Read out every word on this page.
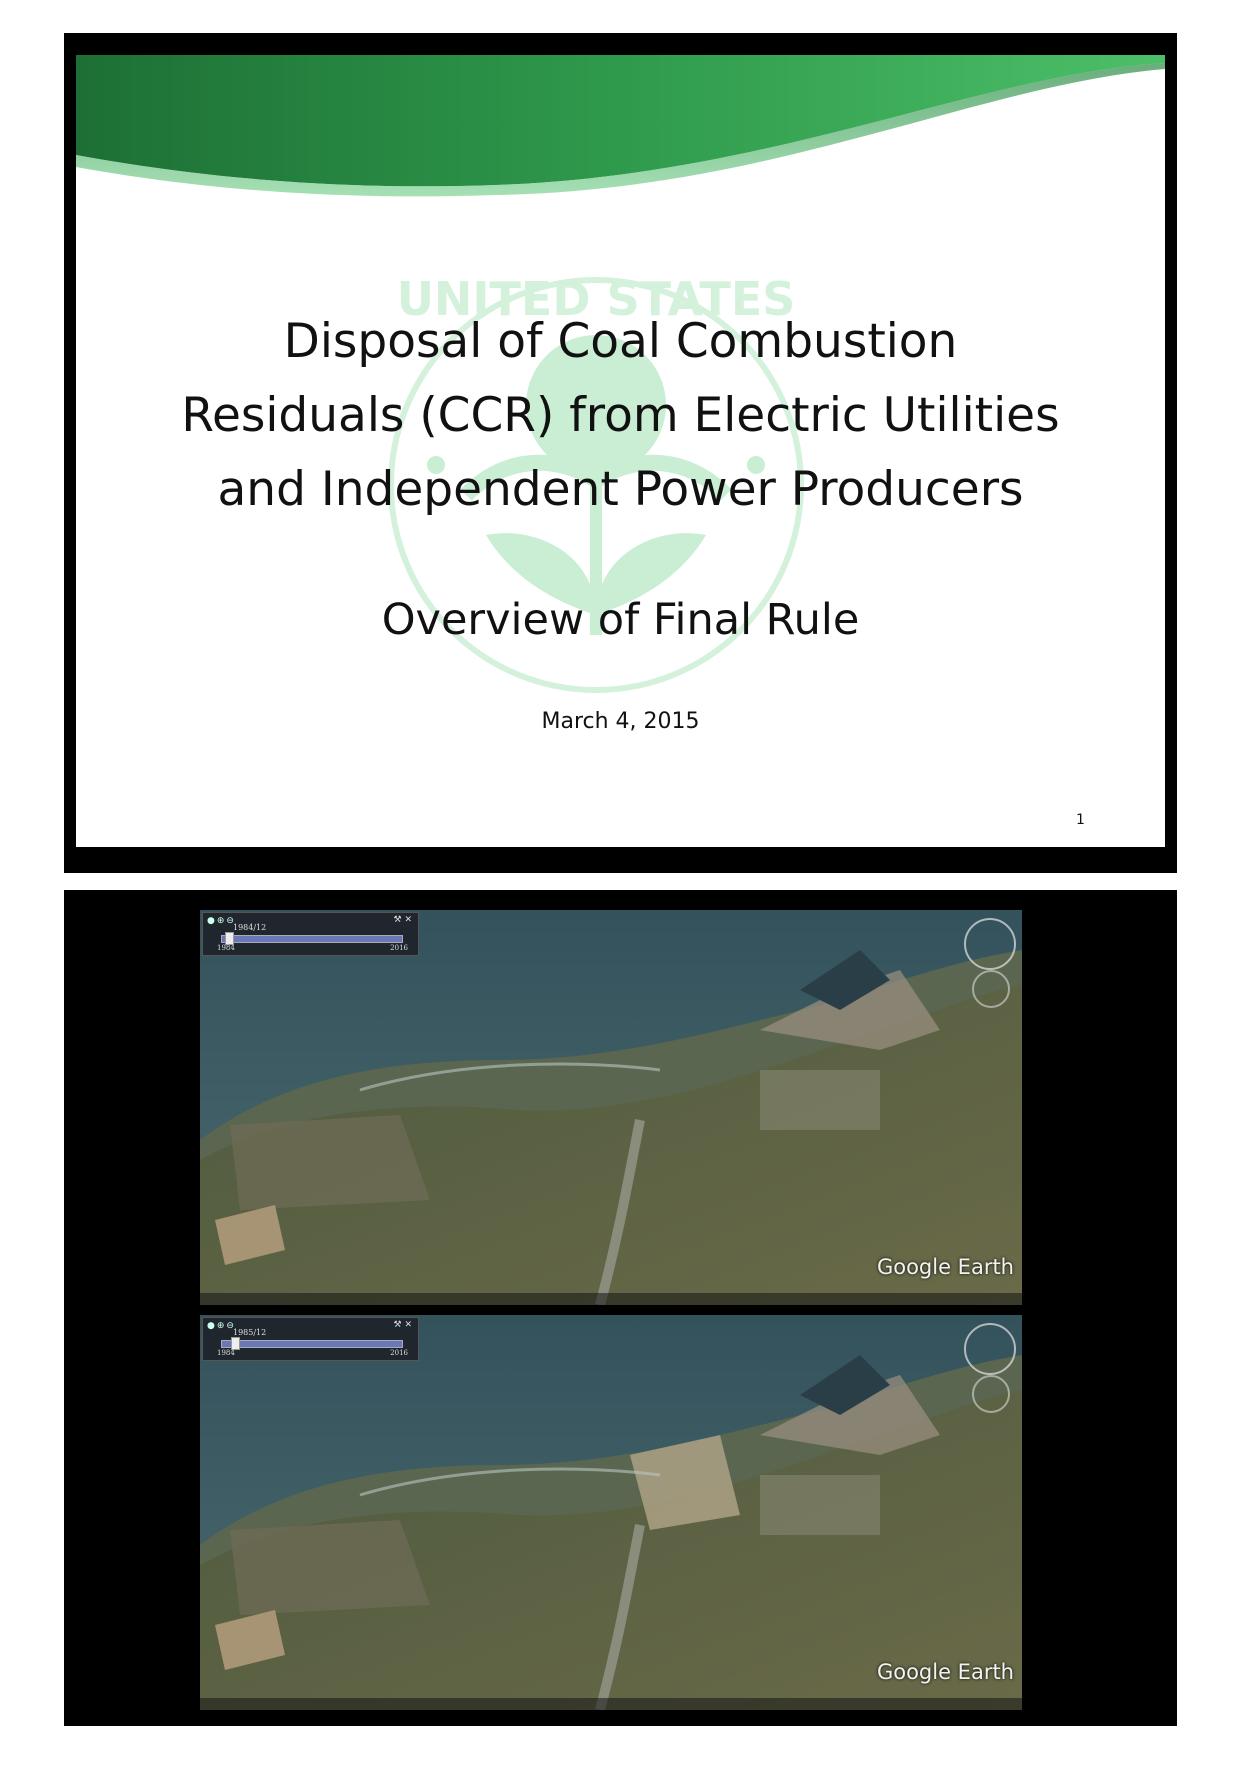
UNITED STATES
Disposal of Coal Combustion
Residuals (CCR) from Electric Utilities
and Independent Power Producers
Overview of Final Rule
March 4, 2015
1
●⊕⊖	⚒ ✕
1984/12
1984	2016
Google Earth
●⊕⊖	⚒ ✕
1985/12
1984	2016
Google Earth
